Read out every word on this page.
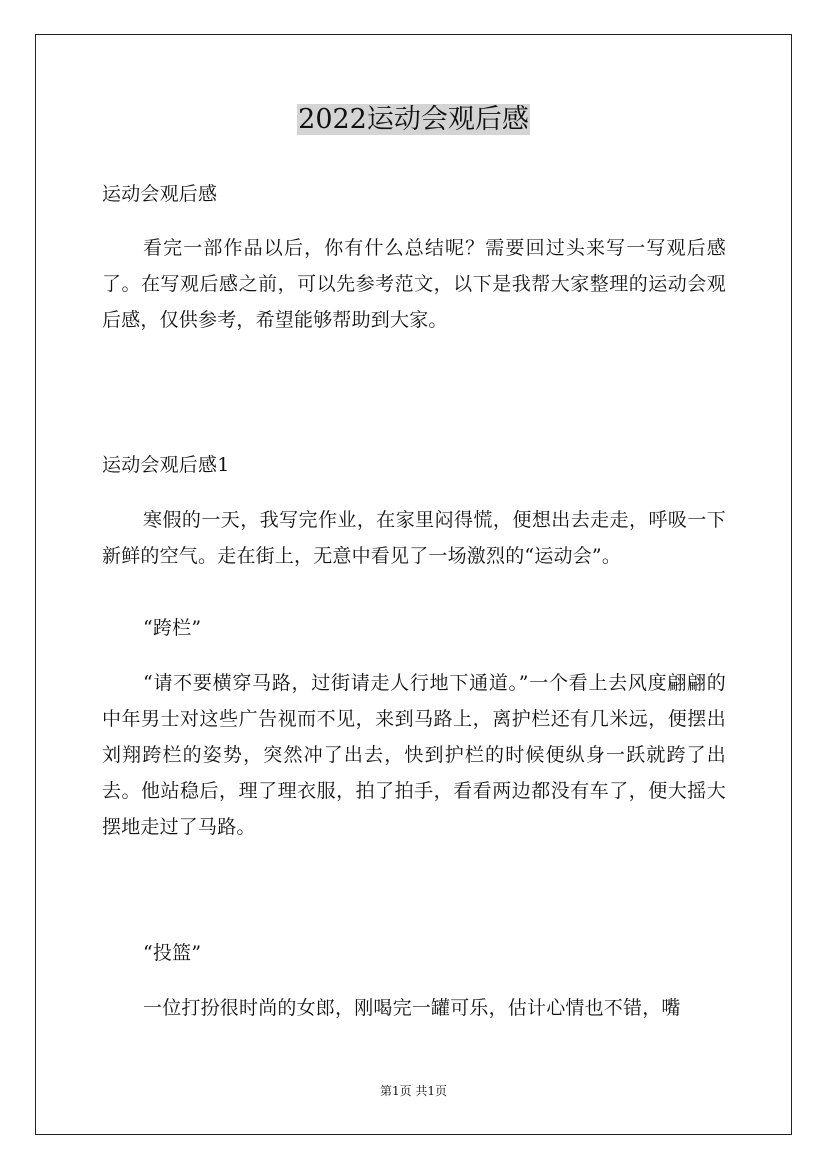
2022运动会观后感
运动会观后感
看完一部作品以后，你有什么总结呢？需要回过头来写一写观后感了。在写观后感之前，可以先参考范文，以下是我帮大家整理的运动会观后感，仅供参考，希望能够帮助到大家。
运动会观后感1
寒假的一天，我写完作业，在家里闷得慌，便想出去走走，呼吸一下新鲜的空气。走在街上，无意中看见了一场激烈的“运动会”。
“跨栏”
“请不要横穿马路，过街请走人行地下通道。”一个看上去风度翩翩的中年男士对这些广告视而不见，来到马路上，离护栏还有几米远，便摆出刘翔跨栏的姿势，突然冲了出去，快到护栏的时候便纵身一跃就跨了出去。他站稳后，理了理衣服，拍了拍手，看看两边都没有车了，便大摇大摆地走过了马路。
“投篮”
一位打扮很时尚的女郎，刚喝完一罐可乐，估计心情也不错，嘴
第1页 共1页
